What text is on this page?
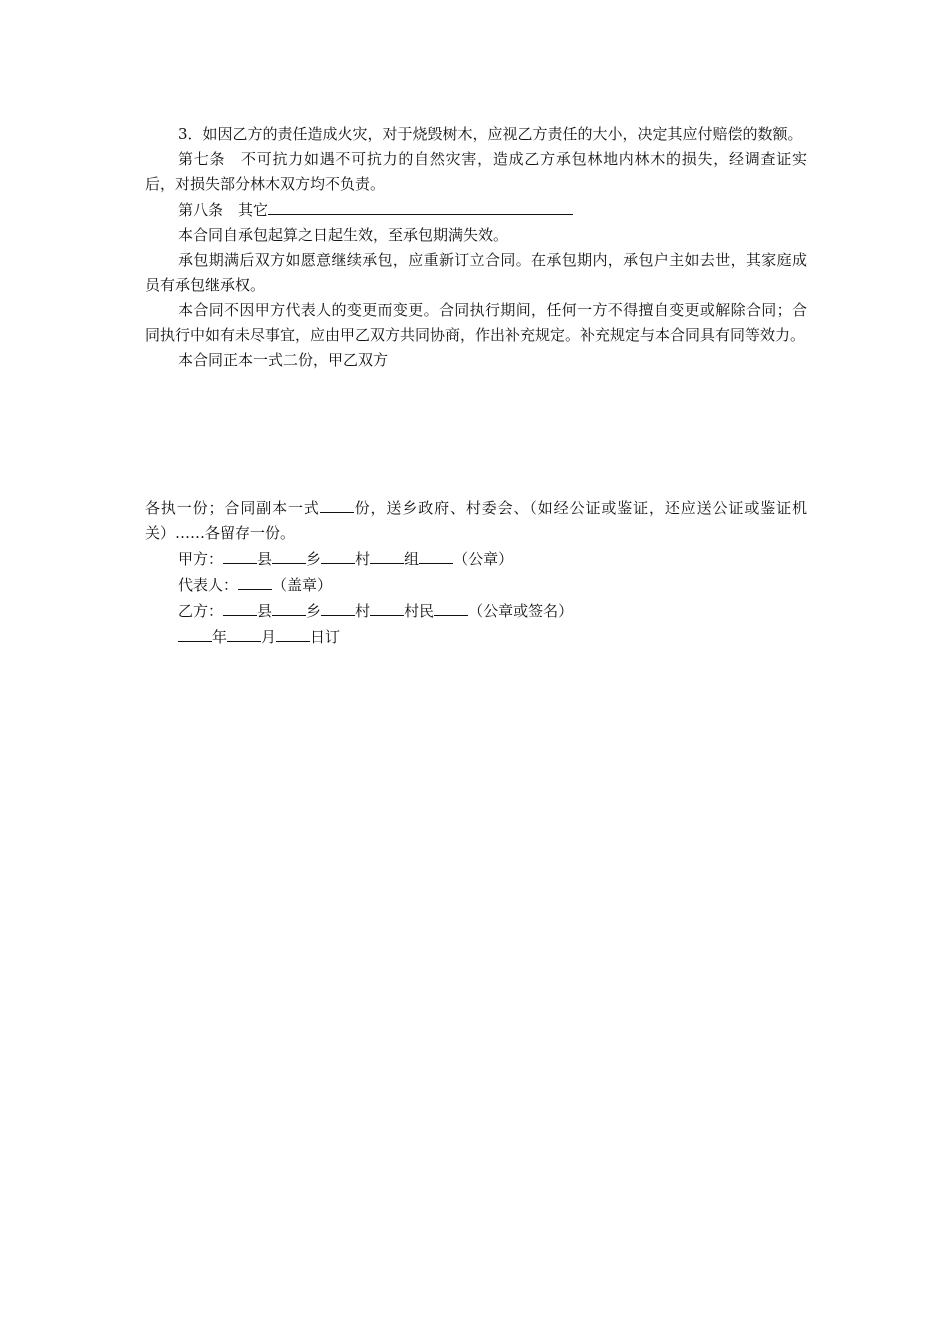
3．如因乙方的责任造成火灾，对于烧毁树木，应视乙方责任的大小，决定其应付赔偿的数额。

第七条　不可抗力如遇不可抗力的自然灾害，造成乙方承包林地内林木的损失，经调查证实后，对损失部分林木双方均不负责。

第八条　其它

本合同自承包起算之日起生效，至承包期满失效。

承包期满后双方如愿意继续承包，应重新订立合同。在承包期内，承包户主如去世，其家庭成员有承包继承权。

本合同不因甲方代表人的变更而变更。合同执行期间，任何一方不得擅自变更或解除合同；合同执行中如有未尽事宜，应由甲乙双方共同协商，作出补充规定。补充规定与本合同具有同等效力。

本合同正本一式二份，甲乙双方

各执一份；合同副本一式 份，送乡政府、村委会、（如经公证或鉴证，还应送公证或鉴证机关）……各留存一份。

甲方： 县 乡 村 组 （公章）

代表人： （盖章）

乙方： 县 乡 村 村民 （公章或签名）

年 月 日订
